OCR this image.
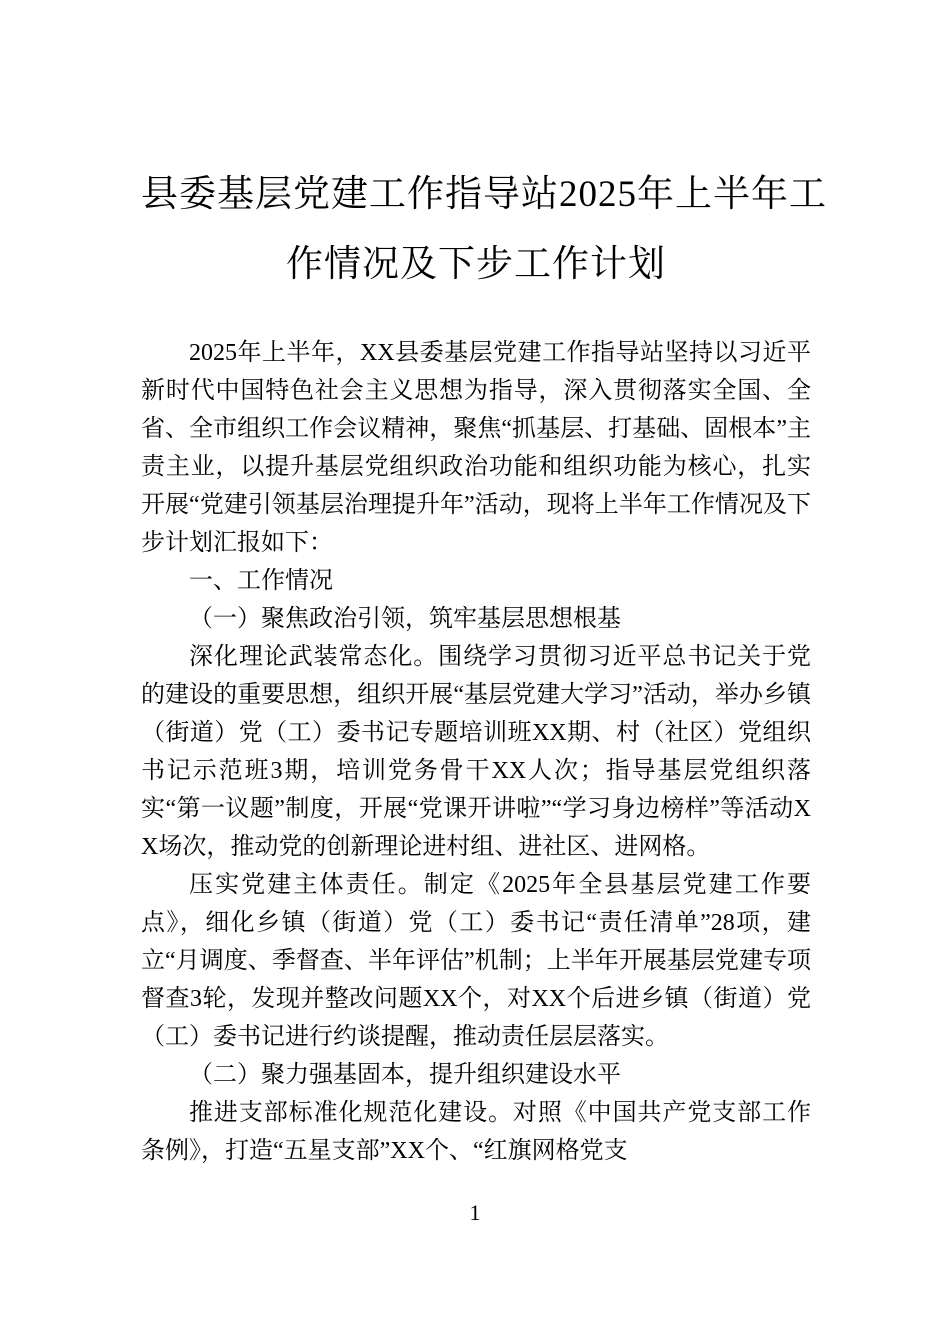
县委基层党建工作指导站2025年上半年工
作情况及下步工作计划

2025年上半年，XX县委基层党建工作指导站坚持以习近平新时代中国特色社会主义思想为指导，深入贯彻落实全国、全省、全市组织工作会议精神，聚焦“抓基层、打基础、固根本”主责主业，以提升基层党组织政治功能和组织功能为核心，扎实开展“党建引领基层治理提升年”活动，现将上半年工作情况及下步计划汇报如下：

一、工作情况

（一）聚焦政治引领，筑牢基层思想根基

深化理论武装常态化。围绕学习贯彻习近平总书记关于党的建设的重要思想，组织开展“基层党建大学习”活动，举办乡镇（街道）党（工）委书记专题培训班XX期、村（社区）党组织书记示范班3期，培训党务骨干XX人次；指导基层党组织落实“第一议题”制度，开展“党课开讲啦”“学习身边榜样”等活动XX场次，推动党的创新理论进村组、进社区、进网格。

压实党建主体责任。制定《2025年全县基层党建工作要点》，细化乡镇（街道）党（工）委书记“责任清单”28项，建立“月调度、季督查、半年评估”机制；上半年开展基层党建专项督查3轮，发现并整改问题XX个，对XX个后进乡镇（街道）党（工）委书记进行约谈提醒，推动责任层层落实。

（二）聚力强基固本，提升组织建设水平

推进支部标准化规范化建设。对照《中国共产党支部工作条例》，打造“五星支部”XX个、“红旗网格党支

1
